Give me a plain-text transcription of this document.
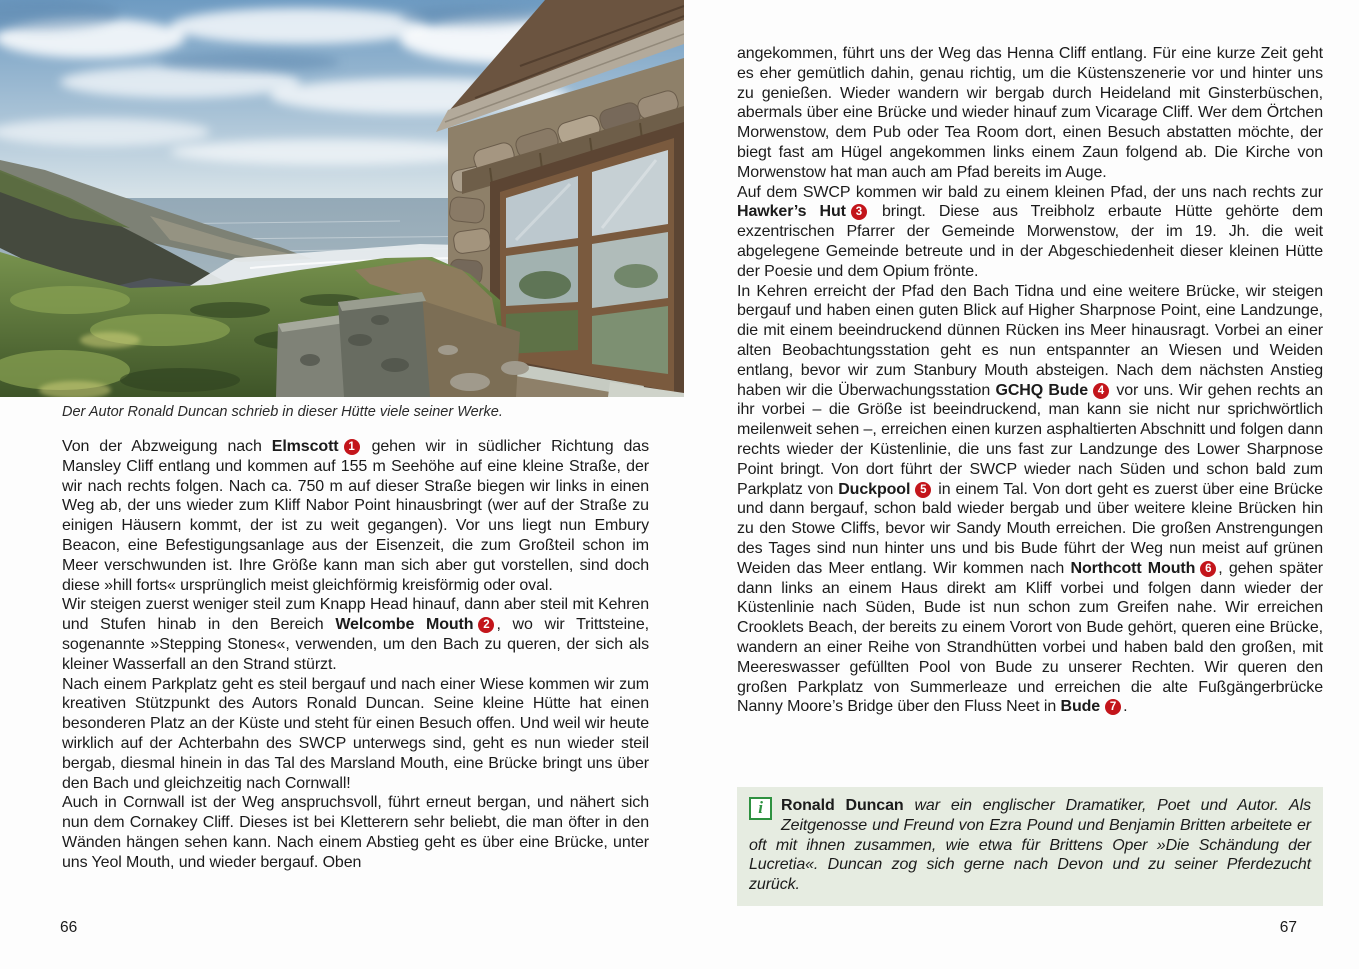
Der Autor Ronald Duncan schrieb in dieser Hütte viele seiner Werke.

Von der Abzweigung nach Elmscott 1 gehen wir in südlicher Richtung das Mansley Cliff entlang und kommen auf 155 m Seehöhe auf eine kleine Straße, der wir nach rechts folgen. Nach ca. 750 m auf dieser Straße biegen wir links in einen Weg ab, der uns wieder zum Kliff Nabor Point hinausbringt (wer auf der Straße zu einigen Häusern kommt, der ist zu weit gegangen). Vor uns liegt nun Embury Beacon, eine Befestigungsanlage aus der Eisenzeit, die zum Großteil schon im Meer verschwunden ist. Ihre Größe kann man sich aber gut vorstellen, sind doch diese »hill forts« ursprünglich meist gleichförmig kreisförmig oder oval.

Wir steigen zuerst weniger steil zum Knapp Head hinauf, dann aber steil mit Kehren und Stufen hinab in den Bereich Welcombe Mouth 2 , wo wir Trittsteine, sogenannte »Stepping Stones«, verwenden, um den Bach zu queren, der sich als kleiner Wasserfall an den Strand stürzt.

Nach einem Parkplatz geht es steil bergauf und nach einer Wiese kommen wir zum kreativen Stützpunkt des Autors Ronald Duncan. Seine kleine Hütte hat einen besonderen Platz an der Küste und steht für einen Besuch offen. Und weil wir heute wirklich auf der Achterbahn des SWCP unterwegs sind, geht es nun wieder steil bergab, diesmal hinein in das Tal des Marsland Mouth, eine Brücke bringt uns über den Bach und gleichzeitig nach Cornwall!

Auch in Cornwall ist der Weg anspruchsvoll, führt erneut bergan, und nähert sich nun dem Cornakey Cliff. Dieses ist bei Kletterern sehr beliebt, die man öfter in den Wänden hängen sehen kann. Nach einem Abstieg geht es über eine Brücke, unter uns Yeol Mouth, und wieder bergauf. Oben

66

angekommen, führt uns der Weg das Henna Cliff entlang. Für eine kurze Zeit geht es eher gemütlich dahin, genau richtig, um die Küstenszenerie vor und hinter uns zu genießen. Wieder wandern wir bergab durch Heideland mit Ginsterbüschen, abermals über eine Brücke und wieder hinauf zum Vicarage Cliff. Wer dem Örtchen Morwenstow, dem Pub oder Tea Room dort, einen Besuch abstatten möchte, der biegt fast am Hügel angekommen links einem Zaun folgend ab. Die Kirche von Morwenstow hat man auch am Pfad bereits im Auge.

Auf dem SWCP kommen wir bald zu einem kleinen Pfad, der uns nach rechts zur Hawker’s Hut 3 bringt. Diese aus Treibholz erbaute Hütte gehörte dem exzentrischen Pfarrer der Gemeinde Morwenstow, der im 19. Jh. die weit abgelegene Gemeinde betreute und in der Abgeschiedenheit dieser kleinen Hütte der Poesie und dem Opium frönte.

In Kehren erreicht der Pfad den Bach Tidna und eine weitere Brücke, wir steigen bergauf und haben einen guten Blick auf Higher Sharpnose Point, eine Landzunge, die mit einem beeindruckend dünnen Rücken ins Meer hinausragt. Vorbei an einer alten Beobachtungsstation geht es nun entspannter an Wiesen und Weiden entlang, bevor wir zum Stanbury Mouth absteigen. Nach dem nächsten Anstieg haben wir die Überwachungsstation GCHQ Bude 4 vor uns. Wir gehen rechts an ihr vorbei – die Größe ist beeindruckend, man kann sie nicht nur sprichwörtlich meilenweit sehen –, erreichen einen kurzen asphaltierten Abschnitt und folgen dann rechts wieder der Küstenlinie, die uns fast zur Landzunge des Lower Sharpnose Point bringt. Von dort führt der SWCP wieder nach Süden und schon bald zum Parkplatz von Duckpool 5 in einem Tal. Von dort geht es zuerst über eine Brücke und dann bergauf, schon bald wieder bergab und über weitere kleine Brücken hin zu den Stowe Cliffs, bevor wir Sandy Mouth erreichen. Die großen Anstrengungen des Tages sind nun hinter uns und bis Bude führt der Weg nun meist auf grünen Weiden das Meer entlang. Wir kommen nach Northcott Mouth 6 , gehen später dann links an einem Haus direkt am Kliff vorbei und folgen dann wieder der Küstenlinie nach Süden, Bude ist nun schon zum Greifen nahe. Wir erreichen Crooklets Beach, der bereits zu einem Vorort von Bude gehört, queren eine Brücke, wandern an einer Reihe von Strandhütten vorbei und haben bald den großen, mit Meereswasser gefüllten Pool von Bude zu unserer Rechten. Wir queren den großen Parkplatz von Summerleaze und erreichen die alte Fußgängerbrücke Nanny Moore’s Bridge über den Fluss Neet in Bude 7 .

i	Ronald Duncan war ein englischer Dramatiker, Poet und Autor. Als Zeitgenosse und Freund von Ezra Pound und Benjamin Britten arbeitete er oft mit ihnen zusammen, wie etwa für Brittens Oper »Die Schändung der Lucretia«. Duncan zog sich gerne nach Devon und zu seiner Pferdezucht zurück.
67
